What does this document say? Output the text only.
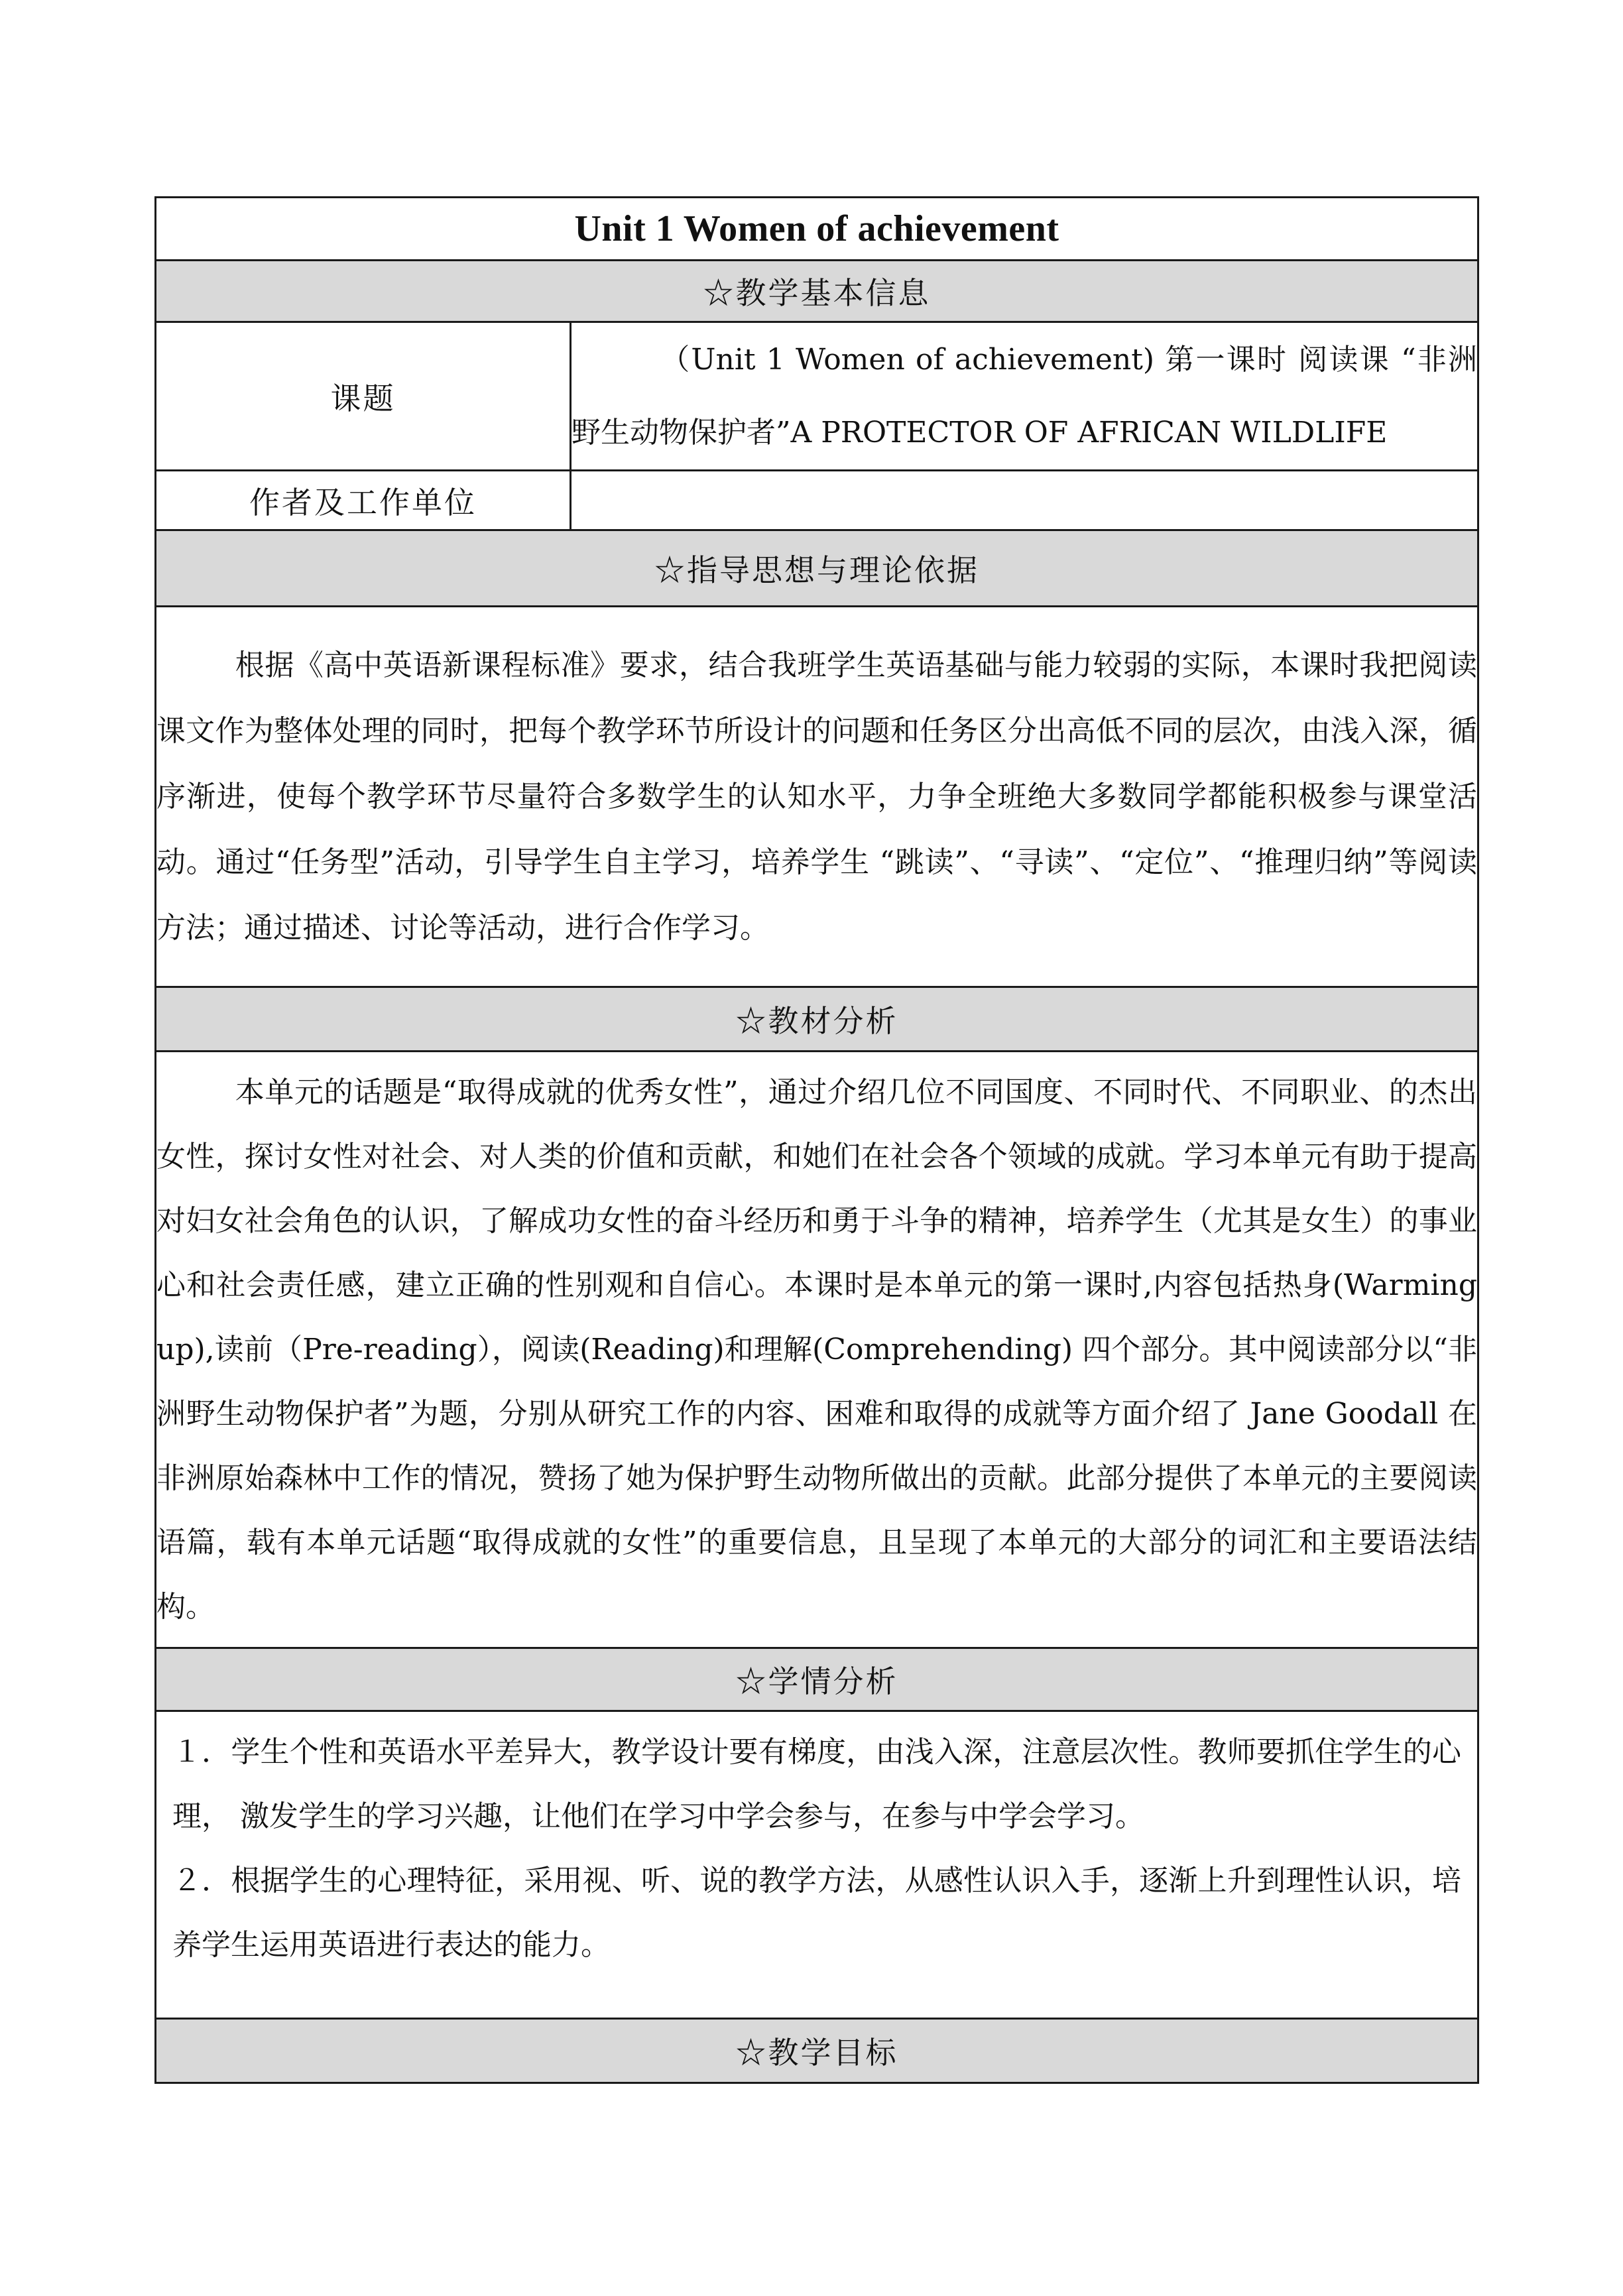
Unit 1 Women of achievement	
☆教学基本信息	
课题	（Unit 1 Women of achievement) 第一课时 阅读课 “非洲野生动物保护者”A PROTECTOR OF AFRICAN WILDLIFE
作者及工作单位	
☆指导思想与理论依据	

根据《高中英语新课程标准》要求，结合我班学生英语基础与能力较弱的实际，本课时我把阅读课文作为整体处理的同时，把每个教学环节所设计的问题和任务区分出高低不同的层次，由浅入深，循序渐进，使每个教学环节尽量符合多数学生的认知水平，力争全班绝大多数同学都能积极参与课堂活动。通过“任务型”活动，引导学生自主学习，培养学生 “跳读”、“寻读”、“定位”、“推理归纳”等阅读方法；通过描述、讨论等活动，进行合作学习。	

☆教材分析	

本单元的话题是“取得成就的优秀女性”，通过介绍几位不同国度、不同时代、不同职业、的杰出女性，探讨女性对社会、对人类的价值和贡献，和她们在社会各个领域的成就。学习本单元有助于提高对妇女社会角色的认识，了解成功女性的奋斗经历和勇于斗争的精神，培养学生（尤其是女生）的事业心和社会责任感，建立正确的性别观和自信心。本课时是本单元的第一课时,内容包括热身(Warming up),读前（Pre-reading），阅读(Reading)和理解(Comprehending) 四个部分。其中阅读部分以“非洲野生动物保护者”为题，分别从研究工作的内容、困难和取得的成就等方面介绍了 Jane Goodall 在非洲原始森林中工作的情况，赞扬了她为保护野生动物所做出的贡献。此部分提供了本单元的主要阅读语篇，载有本单元话题“取得成就的女性”的重要信息，且呈现了本单元的大部分的词汇和主要语法结构。	

☆学情分析	

１．学生个性和英语水平差异大，教学设计要有梯度，由浅入深，注意层次性。教师要抓住学生的心理， 激发学生的学习兴趣，让他们在学习中学会参与，在参与中学会学习。

２．根据学生的心理特征，采用视、听、说的教学方法，从感性认识入手，逐渐上升到理性认识，培养学生运用英语进行表达的能力。	

☆教学目标	
